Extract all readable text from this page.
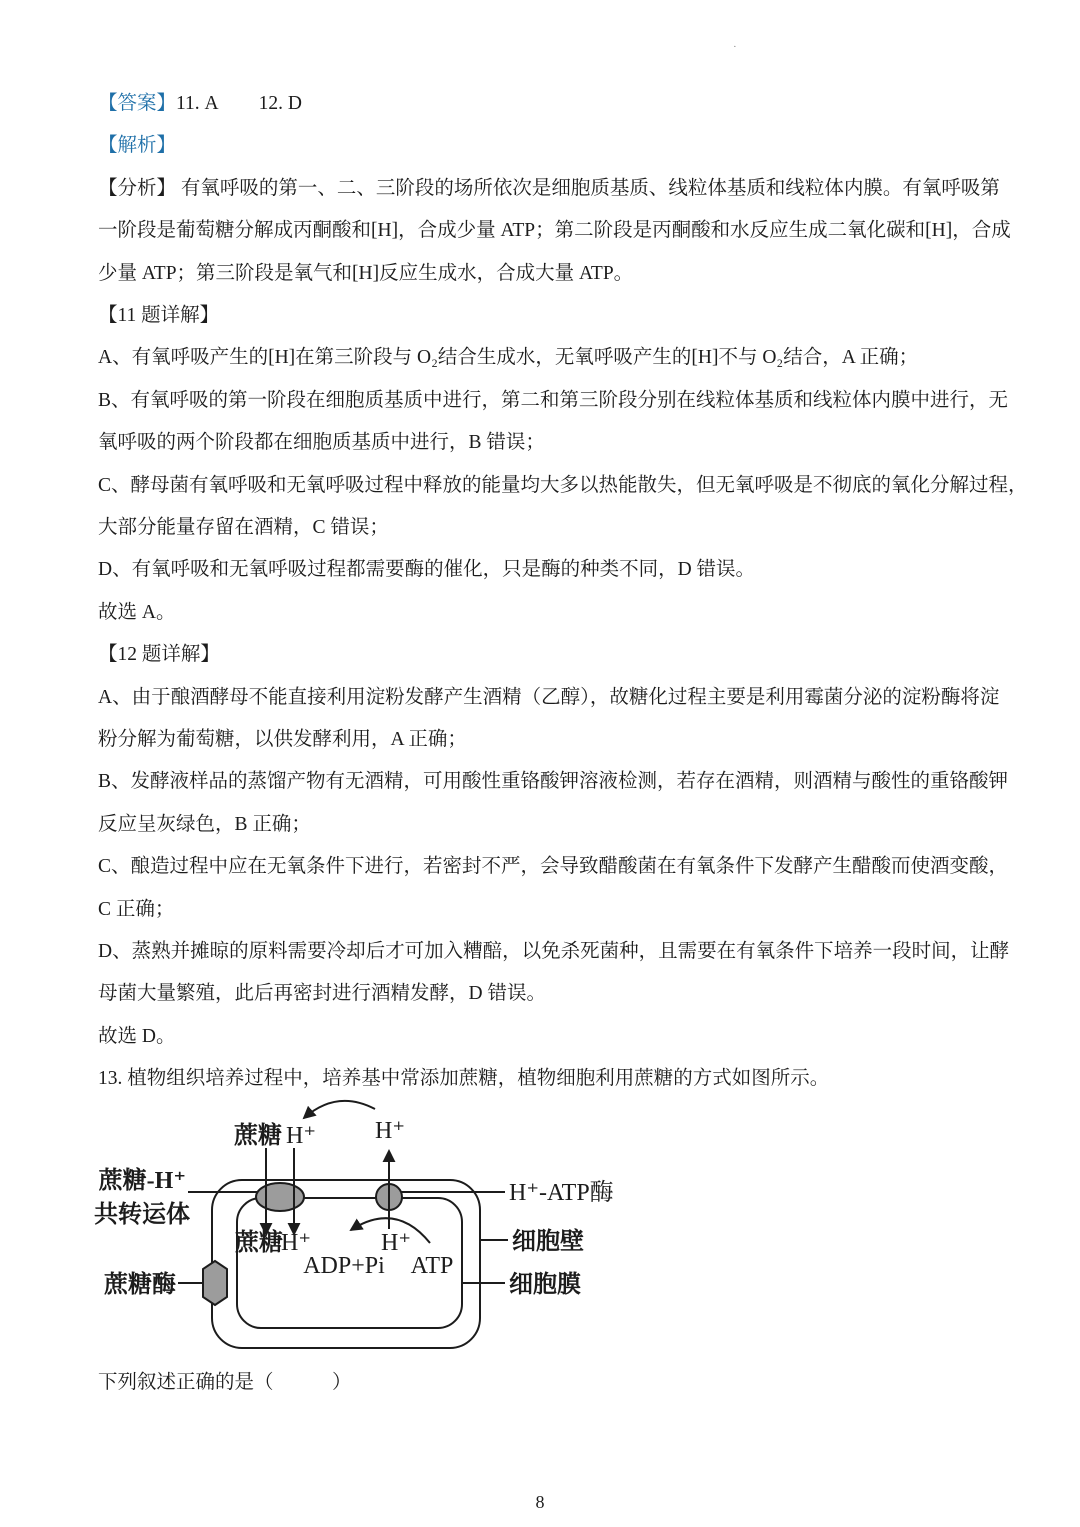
·
【答案】11. A 12. D
【解析】
【分析】 有氧呼吸的第一、二、三阶段的场所依次是细胞质基质、线粒体基质和线粒体内膜。有氧呼吸第
一阶段是葡萄糖分解成丙酮酸和[H]，合成少量 ATP；第二阶段是丙酮酸和水反应生成二氧化碳和[H]，合成
少量 ATP；第三阶段是氧气和[H]反应生成水，合成大量 ATP。
【11 题详解】
A、有氧呼吸产生的[H]在第三阶段与 O₂结合生成水，无氧呼吸产生的[H]不与 O₂结合，A 正确；
B、有氧呼吸的第一阶段在细胞质基质中进行，第二和第三阶段分别在线粒体基质和线粒体内膜中进行，无
氧呼吸的两个阶段都在细胞质基质中进行，B 错误；
C、酵母菌有氧呼吸和无氧呼吸过程中释放的能量均大多以热能散失，但无氧呼吸是不彻底的氧化分解过程，
大部分能量存留在酒精，C 错误；
D、有氧呼吸和无氧呼吸过程都需要酶的催化，只是酶的种类不同，D 错误。
故选 A。
【12 题详解】
A、由于酿酒酵母不能直接利用淀粉发酵产生酒精（乙醇），故糖化过程主要是利用霉菌分泌的淀粉酶将淀
粉分解为葡萄糖，以供发酵利用，A 正确；
B、发酵液样品的蒸馏产物有无酒精，可用酸性重铬酸钾溶液检测，若存在酒精，则酒精与酸性的重铬酸钾
反应呈灰绿色，B 正确；
C、酿造过程中应在无氧条件下进行，若密封不严，会导致醋酸菌在有氧条件下发酵产生醋酸而使酒变酸，
C 正确；
D、蒸熟并摊晾的原料需要冷却后才可加入糟醅，以免杀死菌种，且需要在有氧条件下培养一段时间，让酵
母菌大量繁殖，此后再密封进行酒精发酵，D 错误。
故选 D。
13. 植物组织培养过程中，培养基中常添加蔗糖，植物细胞利用蔗糖的方式如图所示。
蔗糖 H⁺ H⁺
蔗糖-H⁺
共转运体
蔗糖酶
H⁺-ATP酶
细胞壁
细胞膜
蔗糖
H⁺
ADP+Pi
H⁺
ATP
下列叙述正确的是（　　　）
8
